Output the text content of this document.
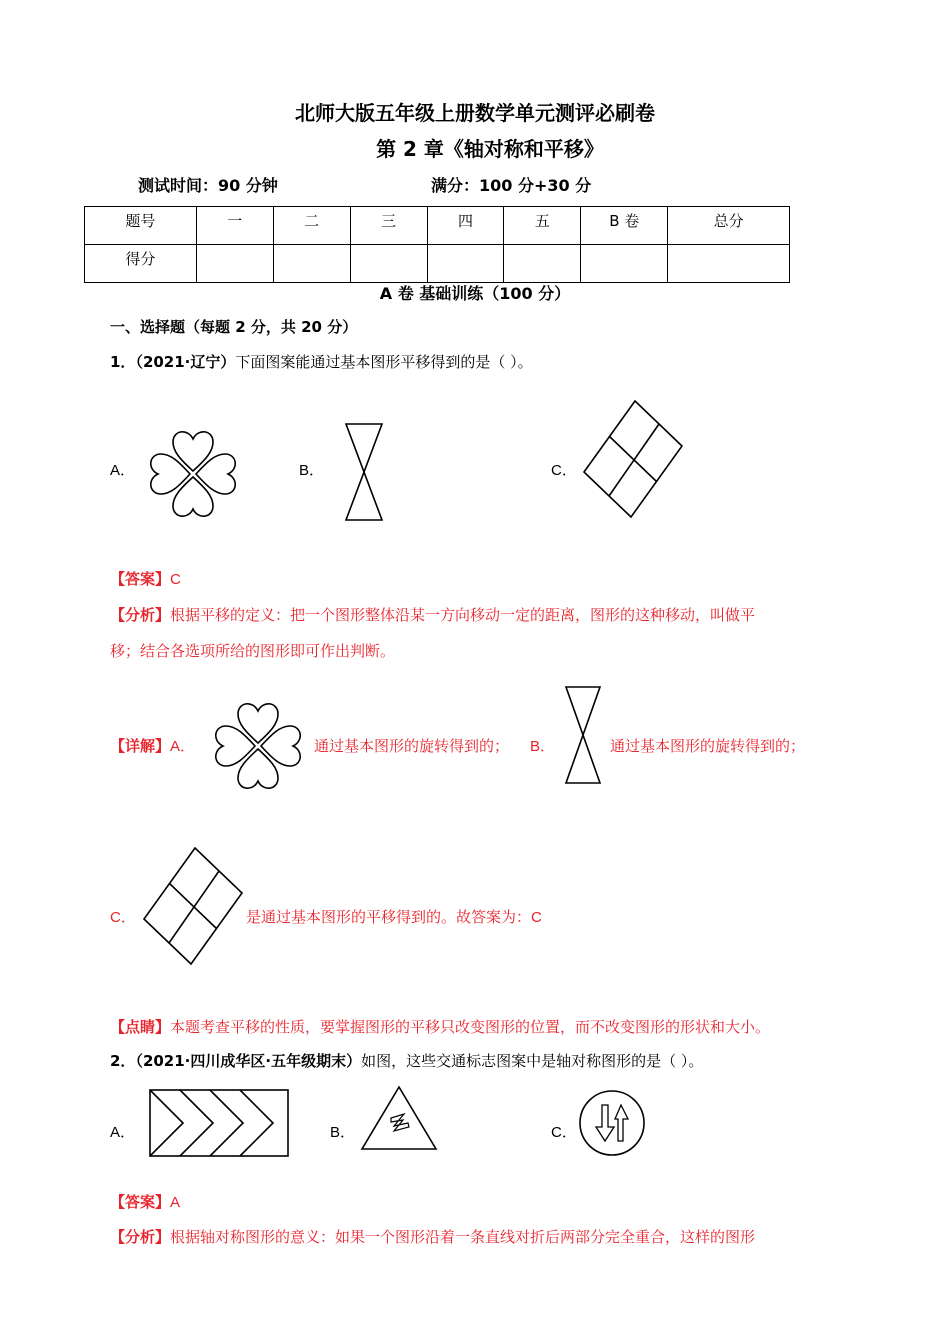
北师大版五年级上册数学单元测评必刷卷
第 2 章《轴对称和平移》
测试时间：90 分钟	满分：100 分+30 分
题号	一	二	三	四	五	B 卷	总分
得分							
A 卷 基础训练（100 分）
一、选择题（每题 2 分，共 20 分）
1．（2021·辽宁）下面图案能通过基本图形平移得到的是（ ）。
A．	B．	C．
【答案】C
【分析】根据平移的定义：把一个图形整体沿某一方向移动一定的距离，图形的这种移动，叫做平
移；结合各选项所给的图形即可作出判断。
【详解】A．	通过基本图形的旋转得到的； B．	通过基本图形的旋转得到的；
C．	是通过基本图形的平移得到的。故答案为：C
【点睛】本题考查平移的性质，要掌握图形的平移只改变图形的位置，而不改变图形的形状和大小。
2．（2021·四川成华区·五年级期末）如图，这些交通标志图案中是轴对称图形的是（ ）。
A．	B．	C．
【答案】A
【分析】根据轴对称图形的意义：如果一个图形沿着一条直线对折后两部分完全重合，这样的图形
